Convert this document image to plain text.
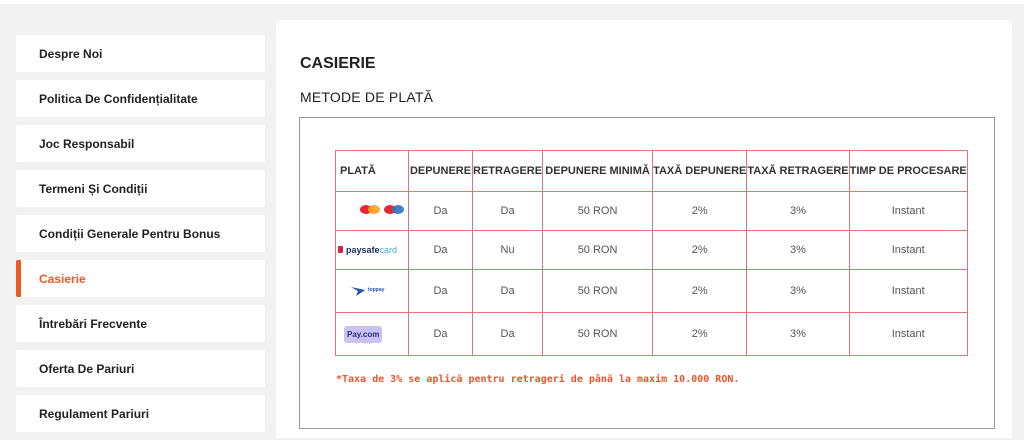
Despre Noi
Politica De Confidențialitate
Joc Responsabil
Termeni Și Condiții
Condiții Generale Pentru Bonus
Casierie
Întrebări Frecvente
Oferta De Pariuri
Regulament Pariuri
CASIERIE
METODE DE PLATĂ
PLATĂ	DEPUNERE	RETRAGERE	DEPUNERE MINIMĂ	TAXĂ DEPUNERE	TAXĂ RETRAGERE	TIMP DE PROCESARE

	Da	Da	50 RON	2%	3%	Instant

paysafe card	Da	Nu	50 RON	2%	3%	Instant

toppay	Da	Da	50 RON	2%	3%	Instant
Pay.com	Da	Da	50 RON	2%	3%	Instant
*Taxa de 3% se aplică pentru retrageri de până la maxim 10.000 RON.
